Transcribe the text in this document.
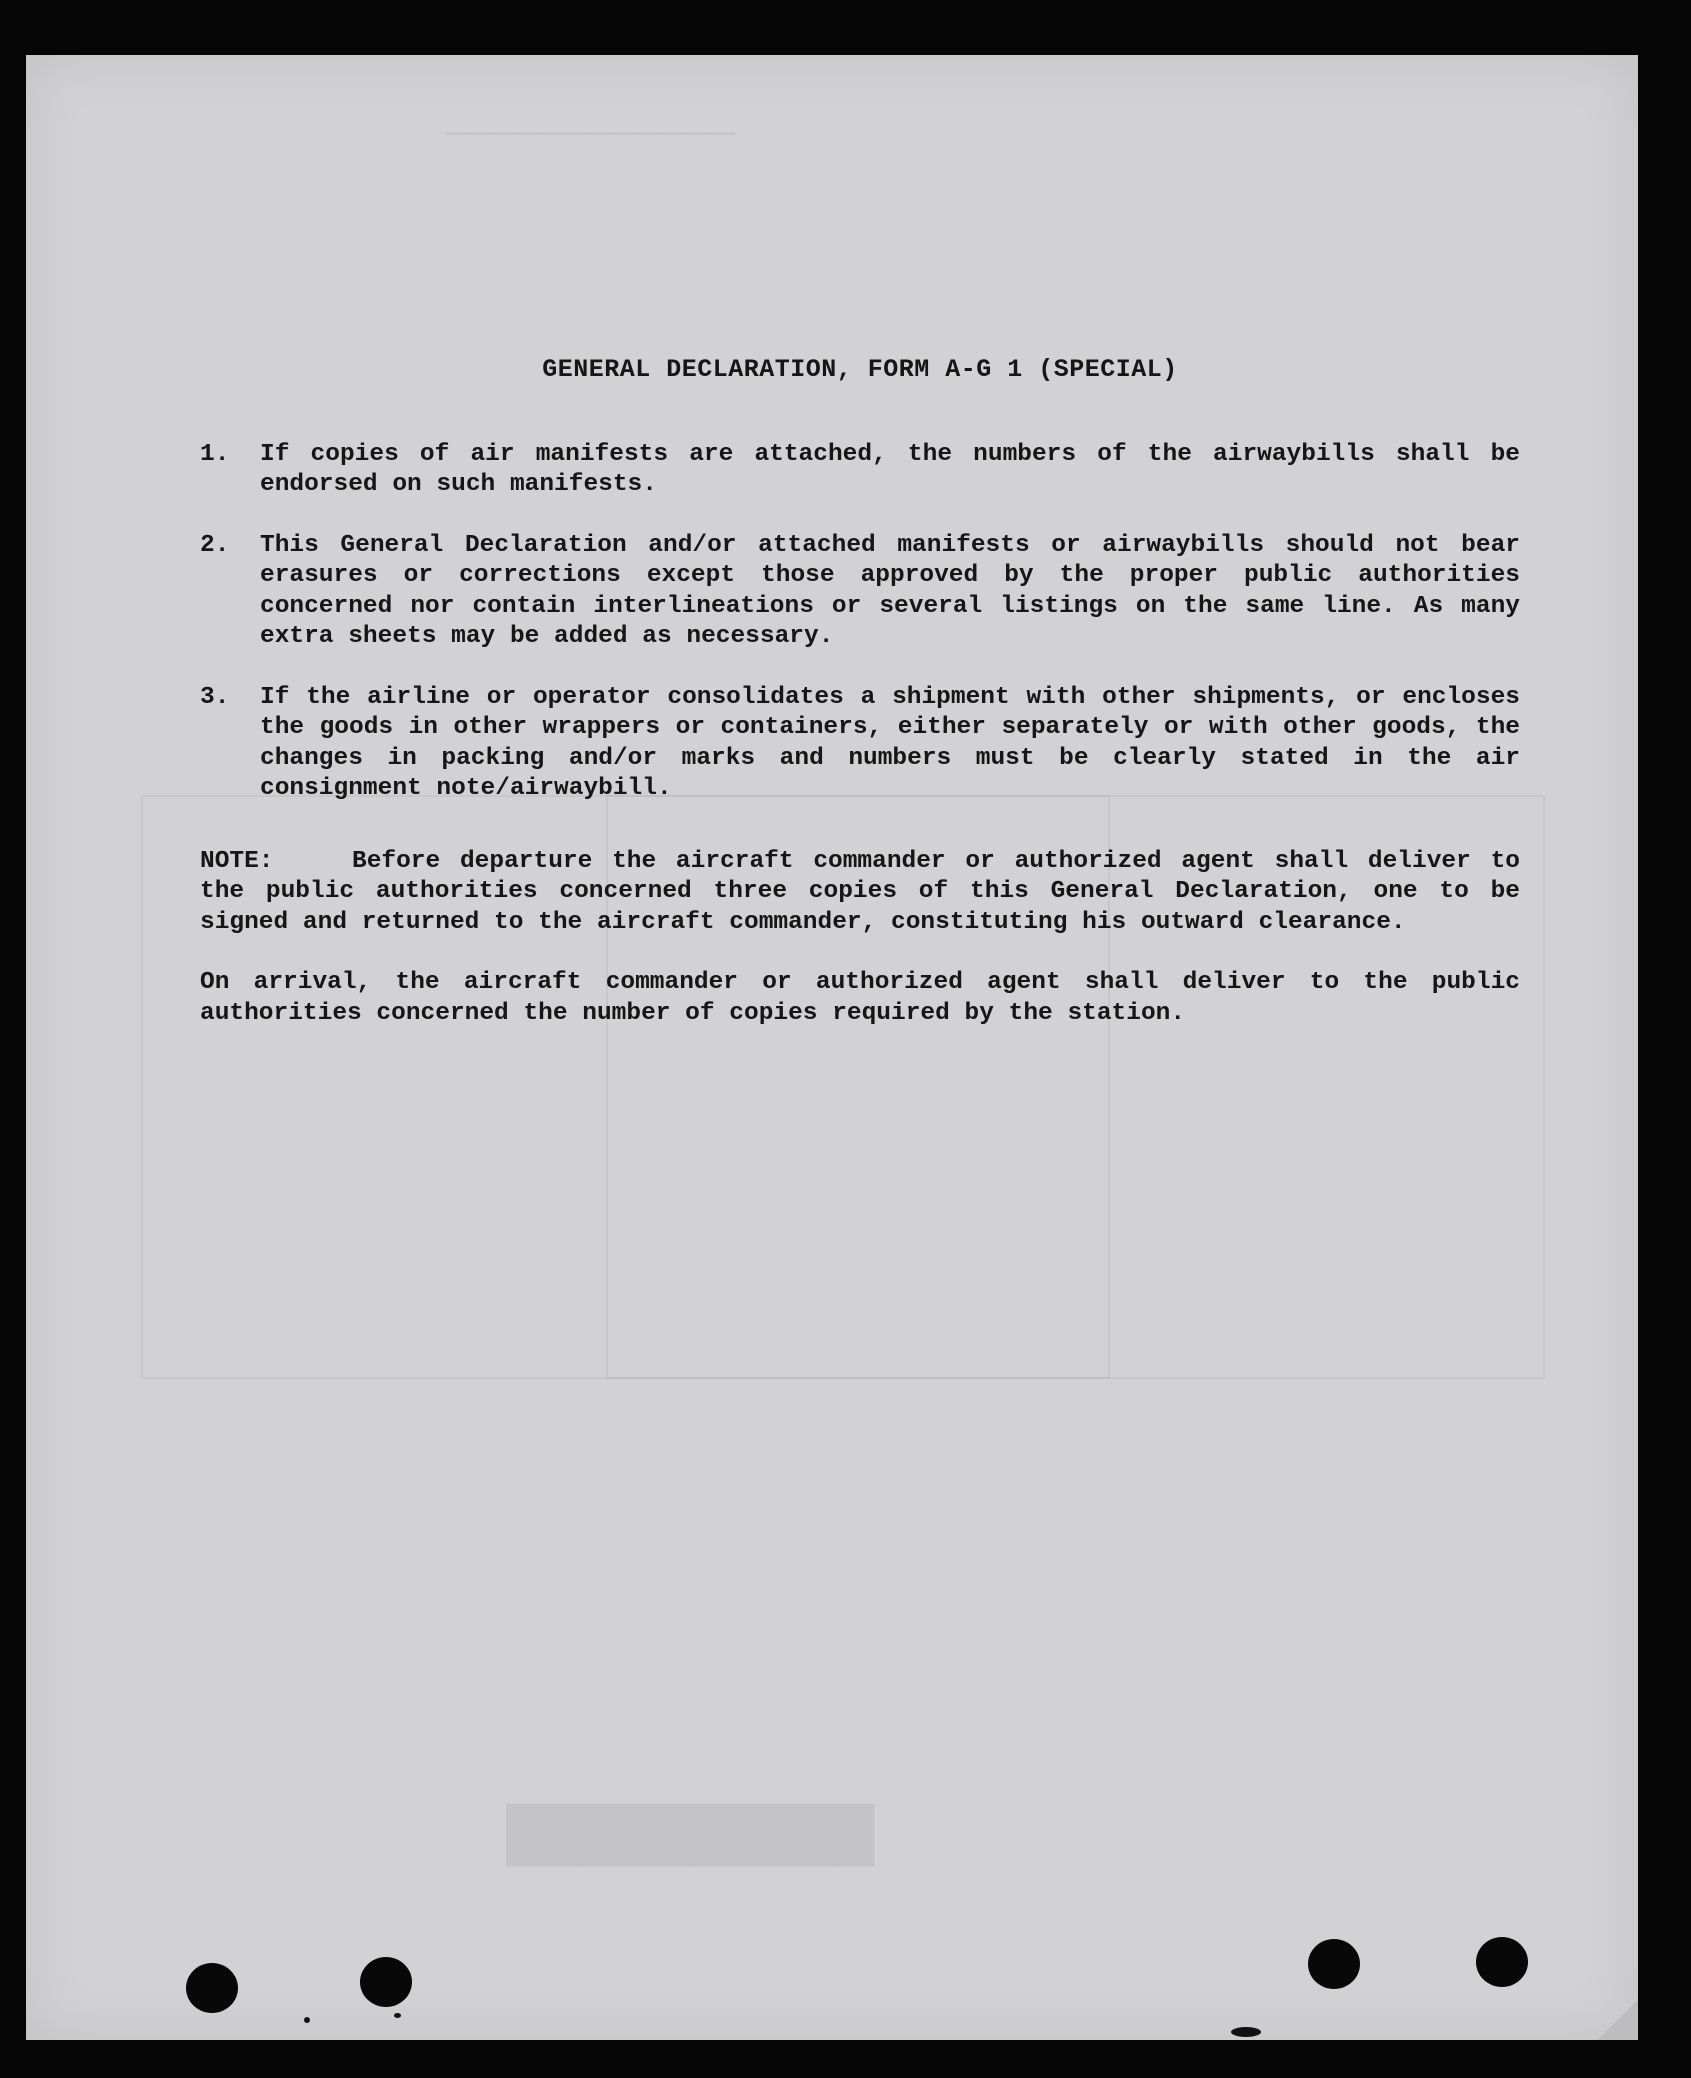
────────────
██████████
GENERAL DECLARATION, FORM A-G 1 (SPECIAL)
1.	If copies of air manifests are attached, the numbers of the airwaybills shall be endorsed on such manifests.
2.	This General Declaration and/or attached manifests or airwaybills should not bear erasures or corrections except those approved by the proper public authorities concerned nor contain interlineations or several listings on the same line. As many extra sheets may be added as necessary.
3.	If the airline or operator consolidates a shipment with other shipments, or encloses the goods in other wrappers or containers, either separately or with other goods, the changes in packing and/or marks and numbers must be clearly stated in the air consignment note/airwaybill.
NOTE:	Before departure the aircraft commander or authorized agent shall deliver to the public authorities concerned three copies of this General Declaration, one to be signed and returned to the aircraft commander, constituting his outward clearance.
On arrival, the aircraft commander or authorized agent shall deliver to the public authorities concerned the number of copies required by the station.
